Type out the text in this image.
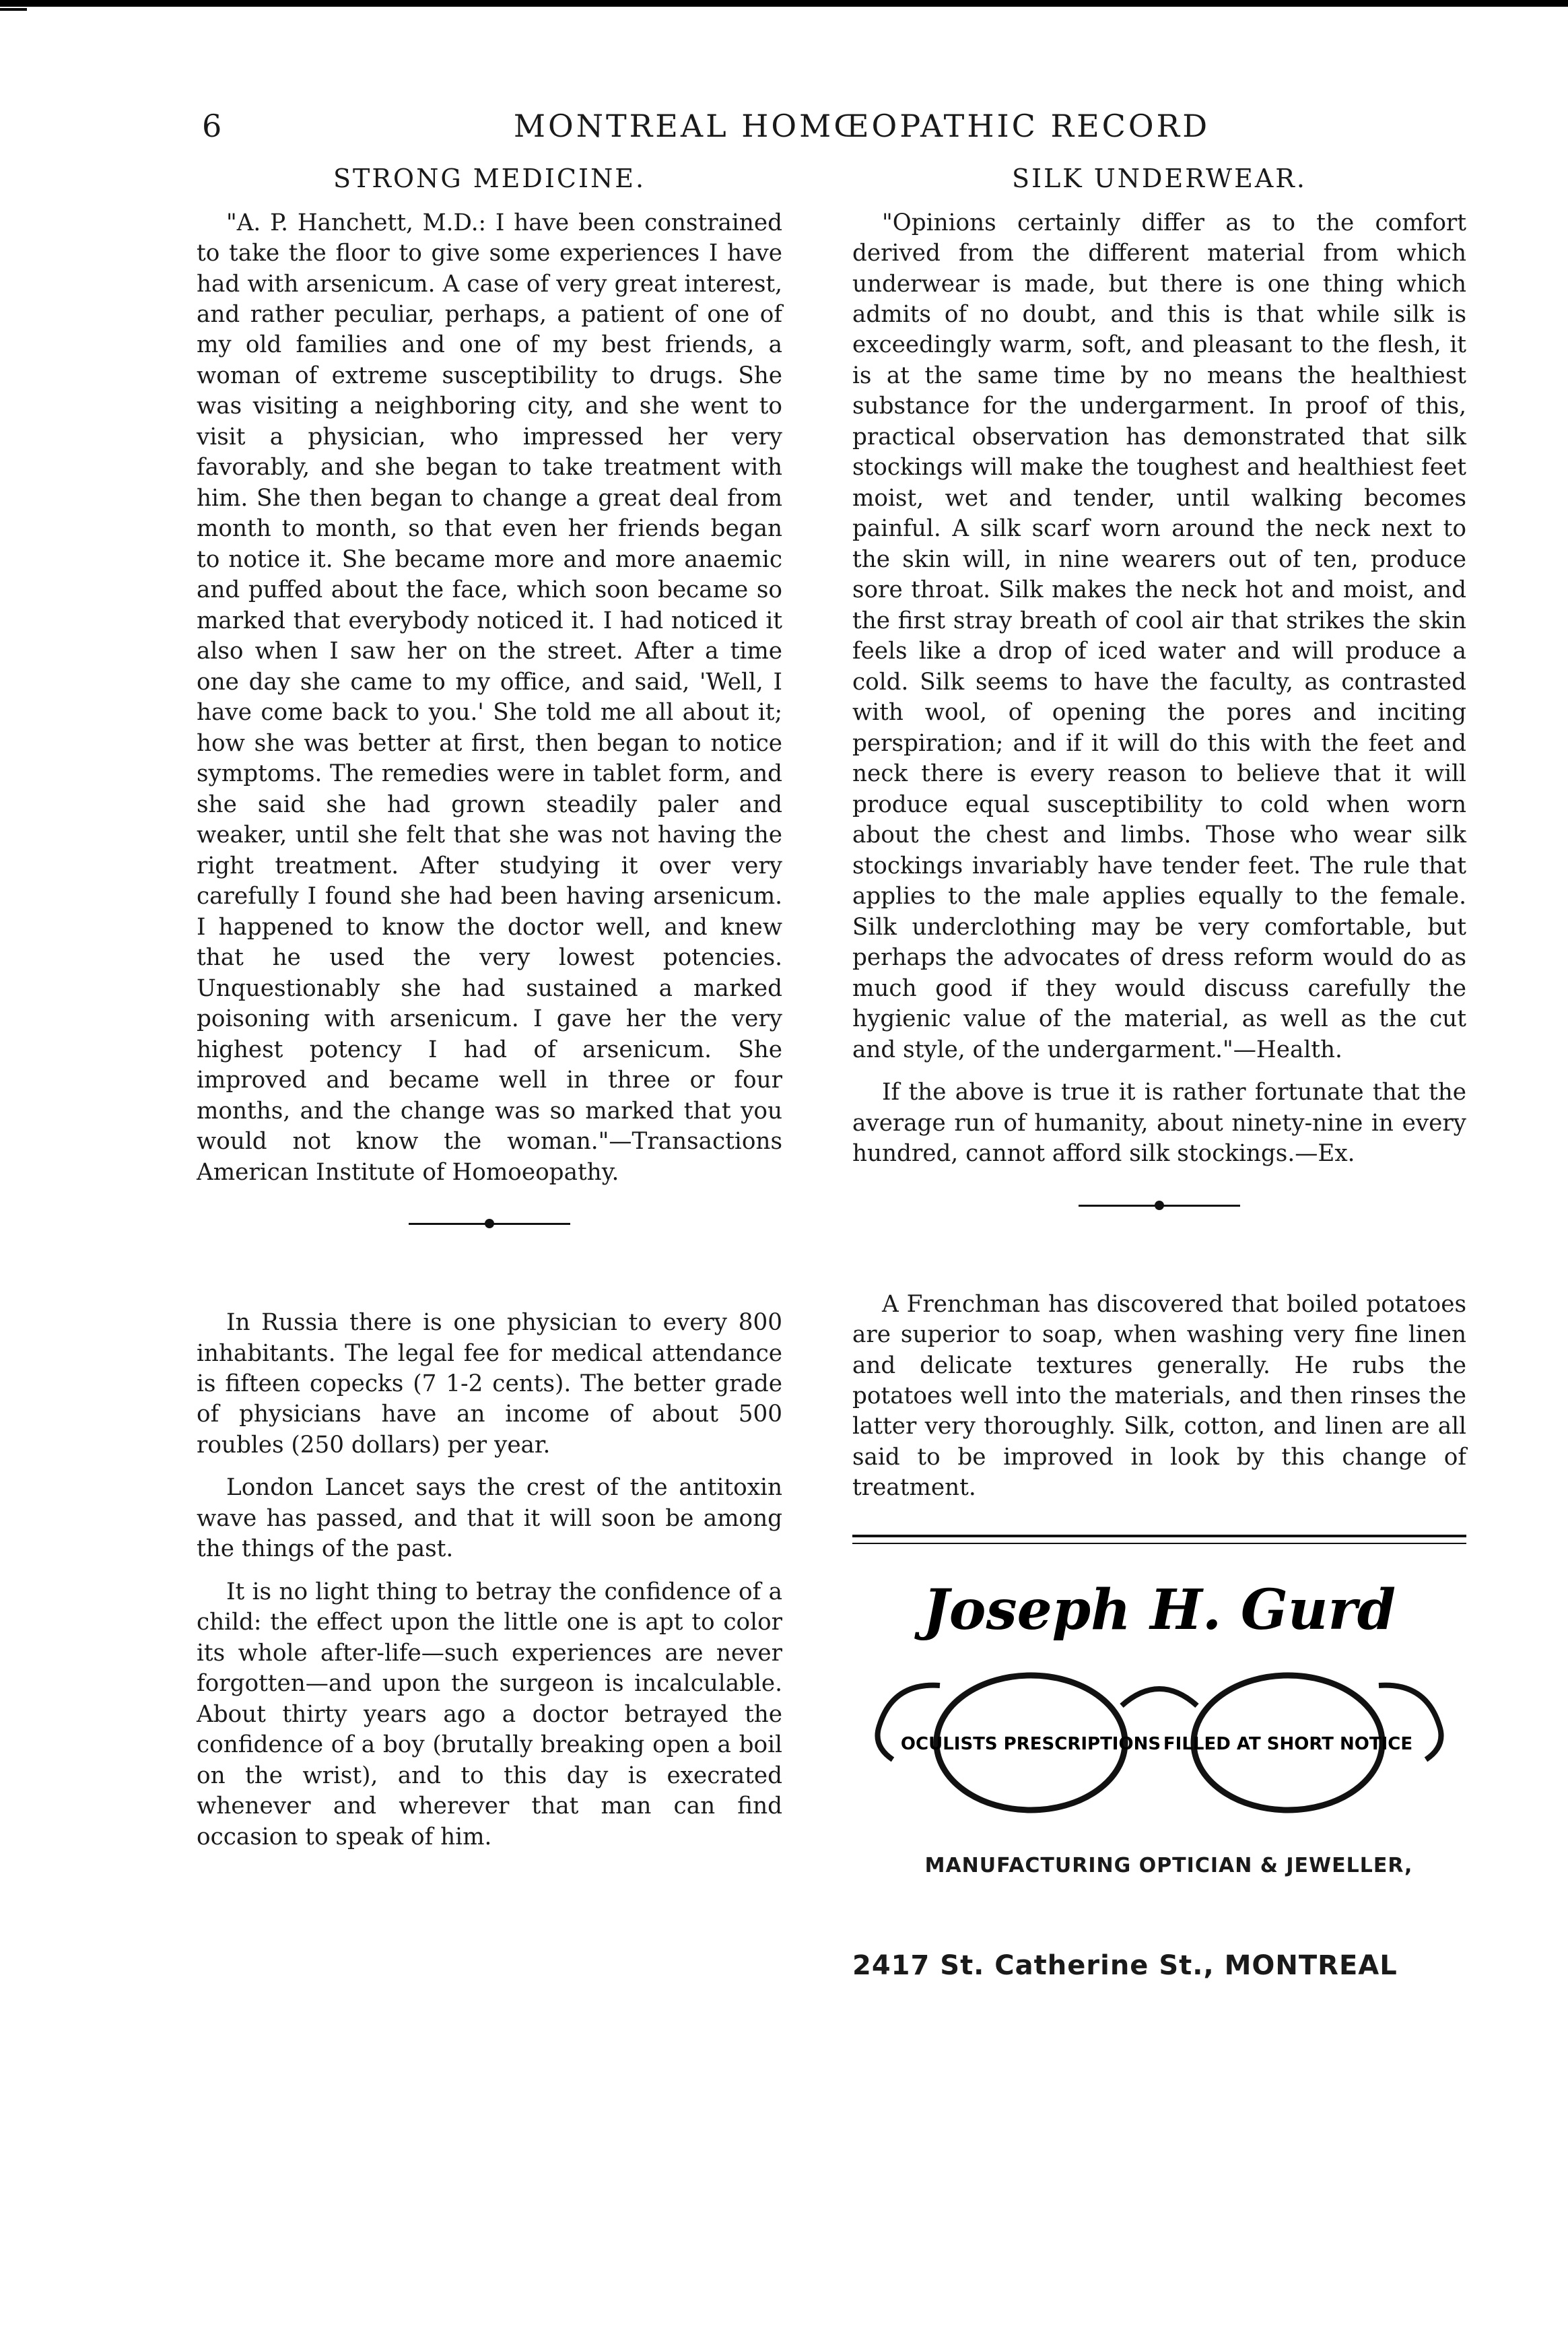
6	MONTREAL HOMŒOPATHIC RECORD
STRONG MEDICINE.

"A. P. Hanchett, M.D.: I have been constrained to take the floor to give some experiences I have had with arsenicum. A case of very great interest, and rather peculiar, perhaps, a patient of one of my old families and one of my best friends, a woman of extreme susceptibility to drugs. She was visiting a neighboring city, and she went to visit a physician, who impressed her very favorably, and she began to take treatment with him. She then began to change a great deal from month to month, so that even her friends began to notice it. She became more and more anaemic and puffed about the face, which soon became so marked that everybody noticed it. I had noticed it also when I saw her on the street. After a time one day she came to my office, and said, 'Well, I have come back to you.' She told me all about it; how she was better at first, then began to notice symptoms. The remedies were in tablet form, and she said she had grown steadily paler and weaker, until she felt that she was not having the right treatment. After studying it over very carefully I found she had been having arsenicum. I happened to know the doctor well, and knew that he used the very lowest potencies. Unquestionably she had sustained a marked poisoning with arsenicum. I gave her the very highest potency I had of arsenicum. She improved and became well in three or four months, and the change was so marked that you would not know the woman."—Transactions American Institute of Homoeopathy.

In Russia there is one physician to every 800 inhabitants. The legal fee for medical attendance is fifteen copecks (7 1-2 cents). The better grade of physicians have an income of about 500 roubles (250 dollars) per year.

London Lancet says the crest of the antitoxin wave has passed, and that it will soon be among the things of the past.

It is no light thing to betray the confidence of a child: the effect upon the little one is apt to color its whole after-life—such experiences are never forgotten—and upon the surgeon is incalculable. About thirty years ago a doctor betrayed the confidence of a boy (brutally breaking open a boil on the wrist), and to this day is execrated whenever and wherever that man can find occasion to speak of him.

SILK UNDERWEAR.

"Opinions certainly differ as to the comfort derived from the different material from which underwear is made, but there is one thing which admits of no doubt, and this is that while silk is exceedingly warm, soft, and pleasant to the flesh, it is at the same time by no means the healthiest substance for the undergarment. In proof of this, practical observation has demonstrated that silk stockings will make the toughest and healthiest feet moist, wet and tender, until walking becomes painful. A silk scarf worn around the neck next to the skin will, in nine wearers out of ten, produce sore throat. Silk makes the neck hot and moist, and the first stray breath of cool air that strikes the skin feels like a drop of iced water and will produce a cold. Silk seems to have the faculty, as contrasted with wool, of opening the pores and inciting perspiration; and if it will do this with the feet and neck there is every reason to believe that it will produce equal susceptibility to cold when worn about the chest and limbs. Those who wear silk stockings invariably have tender feet. The rule that applies to the male applies equally to the female. Silk underclothing may be very comfortable, but perhaps the advocates of dress reform would do as much good if they would discuss carefully the hygienic value of the material, as well as the cut and style, of the undergarment."—Health.

If the above is true it is rather fortunate that the average run of humanity, about ninety-nine in every hundred, cannot afford silk stockings.—Ex.

A Frenchman has discovered that boiled potatoes are superior to soap, when washing very fine linen and delicate textures generally. He rubs the potatoes well into the materials, and then rinses the latter very thoroughly. Silk, cotton, and linen are all said to be improved in look by this change of treatment.

Joseph H. Gurd
OCULISTS PRESCRIPTIONS FILLED AT SHORT NOTICE
MANUFACTURING OPTICIAN & JEWELLER,
2417 St. Catherine St., MONTREAL
